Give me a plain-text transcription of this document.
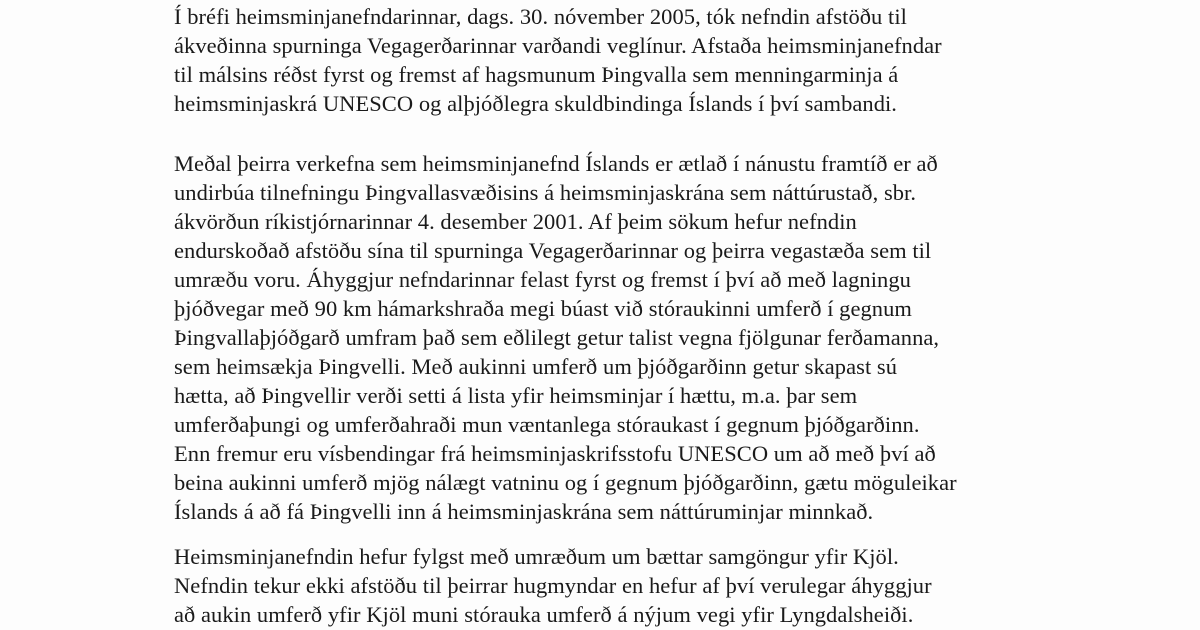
Í bréfi heimsminjanefndarinnar, dags. 30. nóvember 2005, tók nefndin afstöðu til
ákveðinna spurninga Vegagerðarinnar varðandi veglínur. Afstaða heimsminjanefndar
til málsins réðst fyrst og fremst af hagsmunum Þingvalla sem menningarminja á
heimsminjaskrá UNESCO og alþjóðlegra skuldbindinga Íslands í því sambandi.
Meðal þeirra verkefna sem heimsminjanefnd Íslands er ætlað í nánustu framtíð er að
undirbúa tilnefningu Þingvallasvæðisins á heimsminjaskrána sem náttúrustað, sbr.
ákvörðun ríkistjórnarinnar 4. desember 2001. Af þeim sökum hefur nefndin
endurskoðað afstöðu sína til spurninga Vegagerðarinnar og þeirra vegastæða sem til
umræðu voru. Áhyggjur nefndarinnar felast fyrst og fremst í því að með lagningu
þjóðvegar með 90 km hámarkshraða megi búast við stóraukinni umferð í gegnum
Þingvallaþjóðgarð umfram það sem eðlilegt getur talist vegna fjölgunar ferðamanna,
sem heimsækja Þingvelli. Með aukinni umferð um þjóðgarðinn getur skapast sú
hætta, að Þingvellir verði setti á lista yfir heimsminjar í hættu, m.a. þar sem
umferðaþungi og umferðahraði mun væntanlega stóraukast í gegnum þjóðgarðinn.
Enn fremur eru vísbendingar frá heimsminjaskrifsstofu UNESCO um að með því að
beina aukinni umferð mjög nálægt vatninu og í gegnum þjóðgarðinn, gætu möguleikar
Íslands á að fá Þingvelli inn á heimsminjaskrána sem náttúruminjar minnkað.
Heimsminjanefndin hefur fylgst með umræðum um bættar samgöngur yfir Kjöl.
Nefndin tekur ekki afstöðu til þeirrar hugmyndar en hefur af því verulegar áhyggjur
að aukin umferð yfir Kjöl muni stórauka umferð á nýjum vegi yfir Lyngdalsheiði.
